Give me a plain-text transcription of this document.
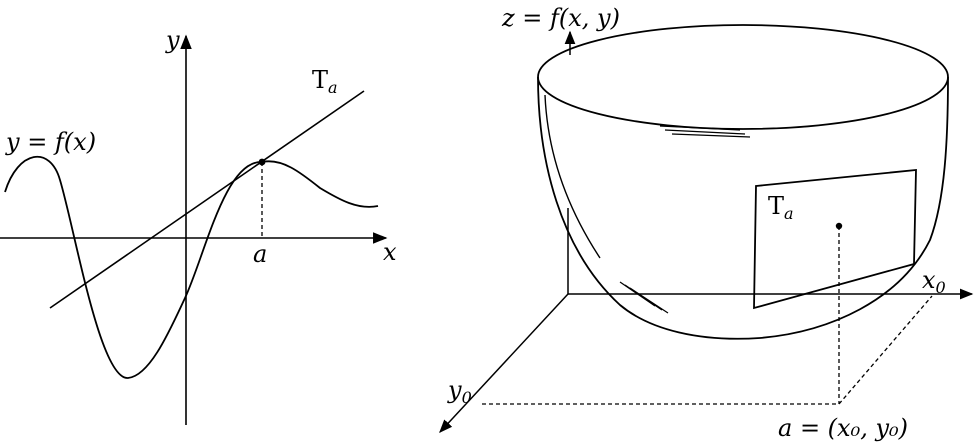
y
x
y = f(x)
$T_a$
a
z = f(x, y)
$T_a$
$x_0$
$y_0$
a = (x₀, y₀)
